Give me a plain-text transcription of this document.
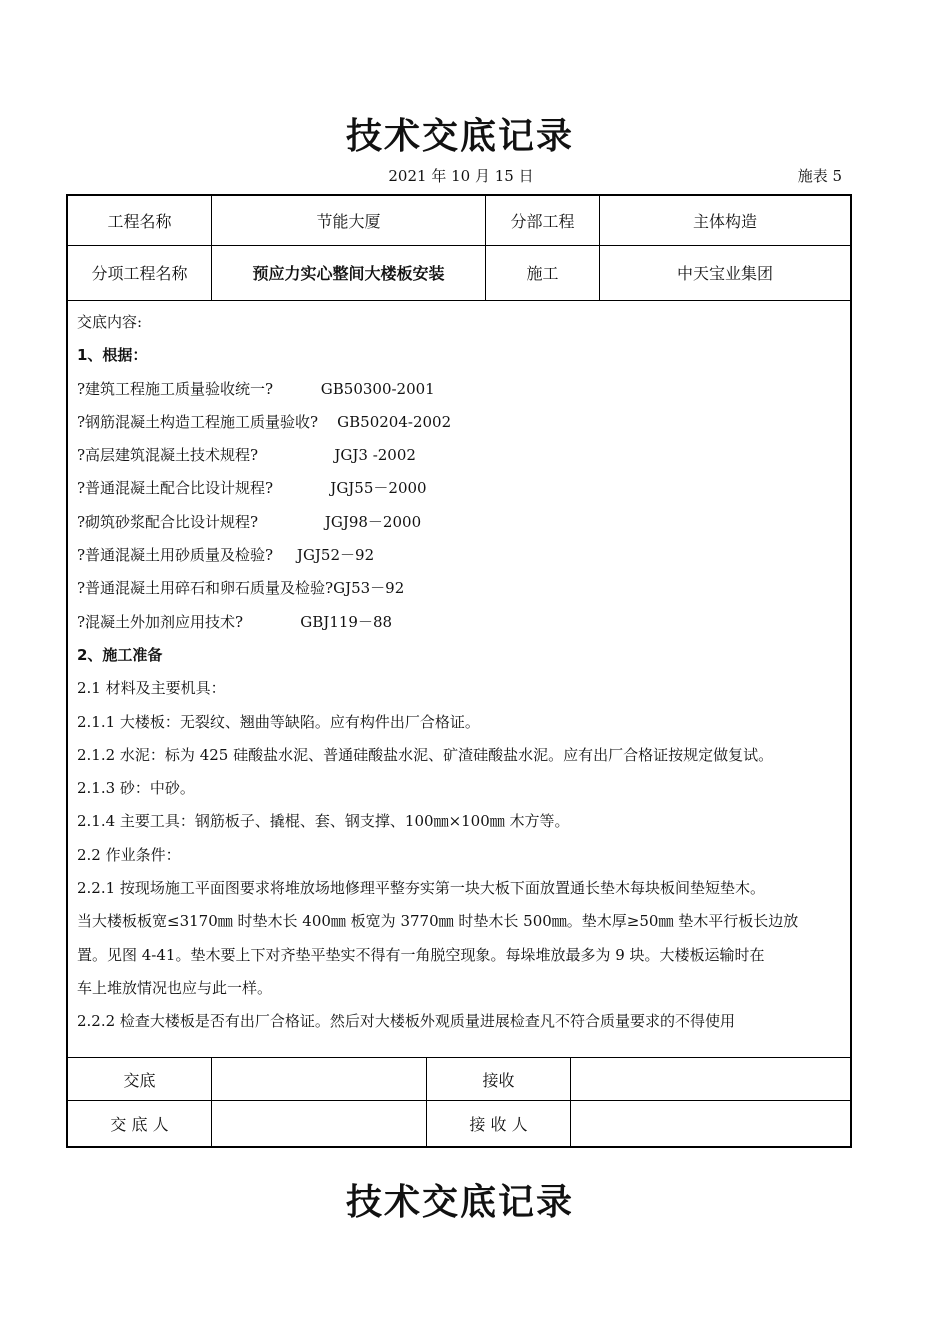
技术交底记录
2021 年 10 月 15 日	施表 5
工程名称	节能大厦	分部工程	主体构造
分项工程名称	预应力实心整间大楼板安装	施工	中天宝业集团
交底内容:
1、根据：
?建筑工程施工质量验收统一?          GB50300-2001
?钢筋混凝土构造工程施工质量验收?    GB50204-2002
?高层建筑混凝土技术规程?                JGJ3 -2002
?普通混凝土配合比设计规程?            JGJ55－2000
?砌筑砂浆配合比设计规程?              JGJ98－2000
?普通混凝土用砂质量及检验?     JGJ52－92
?普通混凝土用碎石和卵石质量及检验?GJ53－92
?混凝土外加剂应用技术?            GBJ119－88
2、施工准备
2.1 材料及主要机具：
2.1.1 大楼板：无裂纹、翘曲等缺陷。应有构件出厂合格证。
2.1.2 水泥：标为 425 硅酸盐水泥、普通硅酸盐水泥、矿渣硅酸盐水泥。应有出厂合格证按规定做复试。
2.1.3 砂：中砂。
2.1.4 主要工具：钢筋板子、撬棍、套、钢支撑、100㎜×100㎜ 木方等。
2.2 作业条件：
2.2.1 按现场施工平面图要求将堆放场地修理平整夯实第一块大板下面放置通长垫木每块板间垫短垫木。
当大楼板板宽≤3170㎜ 时垫木长 400㎜ 板宽为 3770㎜ 时垫木长 500㎜。垫木厚≥50㎜ 垫木平行板长边放
置。见图 4-41。垫木要上下对齐垫平垫实不得有一角脱空现象。每垛堆放最多为 9 块。大楼板运输时在
车上堆放情况也应与此一样。
2.2.2 检查大楼板是否有出厂合格证。然后对大楼板外观质量进展检查凡不符合质量要求的不得使用
交底	接收
交 底 人	接 收 人
技术交底记录
